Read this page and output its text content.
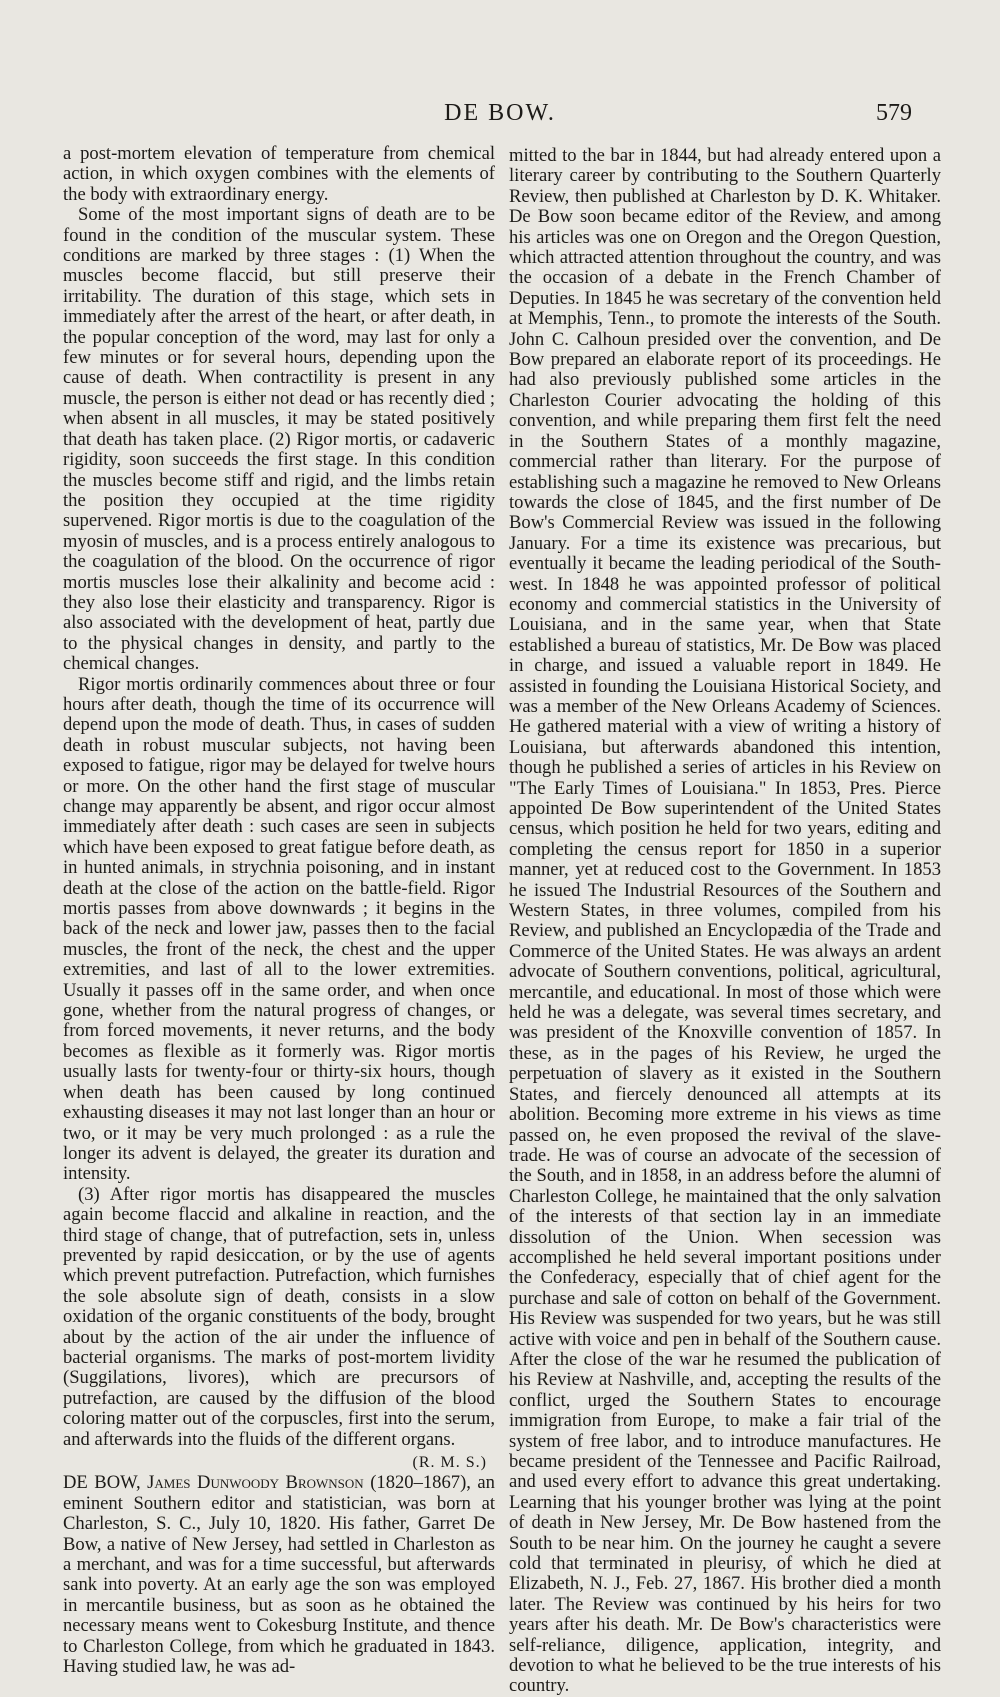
DE BOW.	579

a post-mortem elevation of temperature from chemical action, in which oxygen combines with the elements of the body with extraordinary energy.

Some of the most important signs of death are to be found in the condition of the muscular system. These conditions are marked by three stages : (1) When the muscles become flaccid, but still preserve their irritability. The duration of this stage, which sets in immediately after the arrest of the heart, or after death, in the popular conception of the word, may last for only a few minutes or for several hours, depending upon the cause of death. When contractility is present in any muscle, the person is either not dead or has recently died ; when absent in all muscles, it may be stated positively that death has taken place. (2) Rigor mortis, or cadaveric rigidity, soon succeeds the first stage. In this condition the muscles become stiff and rigid, and the limbs retain the position they occupied at the time rigidity supervened. Rigor mortis is due to the coagulation of the myosin of muscles, and is a process entirely analogous to the coagulation of the blood. On the occurrence of rigor mortis muscles lose their alkalinity and become acid : they also lose their elasticity and transparency. Rigor is also associated with the development of heat, partly due to the physical changes in density, and partly to the chemical changes.

Rigor mortis ordinarily commences about three or four hours after death, though the time of its occurrence will depend upon the mode of death. Thus, in cases of sudden death in robust muscular subjects, not having been exposed to fatigue, rigor may be delayed for twelve hours or more. On the other hand the first stage of muscular change may apparently be absent, and rigor occur almost immediately after death : such cases are seen in subjects which have been exposed to great fatigue before death, as in hunted animals, in strychnia poisoning, and in instant death at the close of the action on the battle-field. Rigor mortis passes from above downwards ; it begins in the back of the neck and lower jaw, passes then to the facial muscles, the front of the neck, the chest and the upper extremities, and last of all to the lower extremities. Usually it passes off in the same order, and when once gone, whether from the natural progress of changes, or from forced movements, it never returns, and the body becomes as flexible as it formerly was. Rigor mortis usually lasts for twenty-four or thirty-six hours, though when death has been caused by long continued exhausting diseases it may not last longer than an hour or two, or it may be very much prolonged : as a rule the longer its advent is delayed, the greater its duration and intensity.

(3) After rigor mortis has disappeared the muscles again become flaccid and alkaline in reaction, and the third stage of change, that of putrefaction, sets in, unless prevented by rapid desiccation, or by the use of agents which prevent putrefaction. Putrefaction, which furnishes the sole absolute sign of death, consists in a slow oxidation of the organic constituents of the body, brought about by the action of the air under the influence of bacterial organisms. The marks of post-mortem lividity (Suggilations, livores), which are precursors of putrefaction, are caused by the diffusion of the blood coloring matter out of the corpuscles, first into the serum, and afterwards into the fluids of the different organs.

(R. M. S.)

DE BOW, James Dunwoody Brownson (1820–1867), an eminent Southern editor and statistician, was born at Charleston, S. C., July 10, 1820. His father, Garret De Bow, a native of New Jersey, had settled in Charleston as a merchant, and was for a time successful, but afterwards sank into poverty. At an early age the son was employed in mercantile business, but as soon as he obtained the necessary means went to Cokesburg Institute, and thence to Charleston College, from which he graduated in 1843. Having studied law, he was ad-

mitted to the bar in 1844, but had already entered upon a literary career by contributing to the Southern Quarterly Review, then published at Charleston by D. K. Whitaker. De Bow soon became editor of the Review, and among his articles was one on Oregon and the Oregon Question, which attracted attention throughout the country, and was the occasion of a debate in the French Chamber of Deputies. In 1845 he was secretary of the convention held at Memphis, Tenn., to promote the interests of the South. John C. Calhoun presided over the convention, and De Bow prepared an elaborate report of its proceedings. He had also previously published some articles in the Charleston Courier advocating the holding of this convention, and while preparing them first felt the need in the Southern States of a monthly magazine, commercial rather than literary. For the purpose of establishing such a magazine he removed to New Orleans towards the close of 1845, and the first number of De Bow's Commercial Review was issued in the following January. For a time its existence was precarious, but eventually it became the leading periodical of the South-west. In 1848 he was appointed professor of political economy and commercial statistics in the University of Louisiana, and in the same year, when that State established a bureau of statistics, Mr. De Bow was placed in charge, and issued a valuable report in 1849. He assisted in founding the Louisiana Historical Society, and was a member of the New Orleans Academy of Sciences. He gathered material with a view of writing a history of Louisiana, but afterwards abandoned this intention, though he published a series of articles in his Review on "The Early Times of Louisiana." In 1853, Pres. Pierce appointed De Bow superintendent of the United States census, which position he held for two years, editing and completing the census report for 1850 in a superior manner, yet at reduced cost to the Government. In 1853 he issued The Industrial Resources of the Southern and Western States, in three volumes, compiled from his Review, and published an Encyclopædia of the Trade and Commerce of the United States. He was always an ardent advocate of Southern conventions, political, agricultural, mercantile, and educational. In most of those which were held he was a delegate, was several times secretary, and was president of the Knoxville convention of 1857. In these, as in the pages of his Review, he urged the perpetuation of slavery as it existed in the Southern States, and fiercely denounced all attempts at its abolition. Becoming more extreme in his views as time passed on, he even proposed the revival of the slave-trade. He was of course an advocate of the secession of the South, and in 1858, in an address before the alumni of Charleston College, he maintained that the only salvation of the interests of that section lay in an immediate dissolution of the Union. When secession was accomplished he held several important positions under the Confederacy, especially that of chief agent for the purchase and sale of cotton on behalf of the Government. His Review was suspended for two years, but he was still active with voice and pen in behalf of the Southern cause. After the close of the war he resumed the publication of his Review at Nashville, and, accepting the results of the conflict, urged the Southern States to encourage immigration from Europe, to make a fair trial of the system of free labor, and to introduce manufactures. He became president of the Tennessee and Pacific Railroad, and used every effort to advance this great undertaking. Learning that his younger brother was lying at the point of death in New Jersey, Mr. De Bow hastened from the South to be near him. On the journey he caught a severe cold that terminated in pleurisy, of which he died at Elizabeth, N. J., Feb. 27, 1867. His brother died a month later. The Review was continued by his heirs for two years after his death. Mr. De Bow's characteristics were self-reliance, diligence, application, integrity, and devotion to what he believed to be the true interests of his country.
